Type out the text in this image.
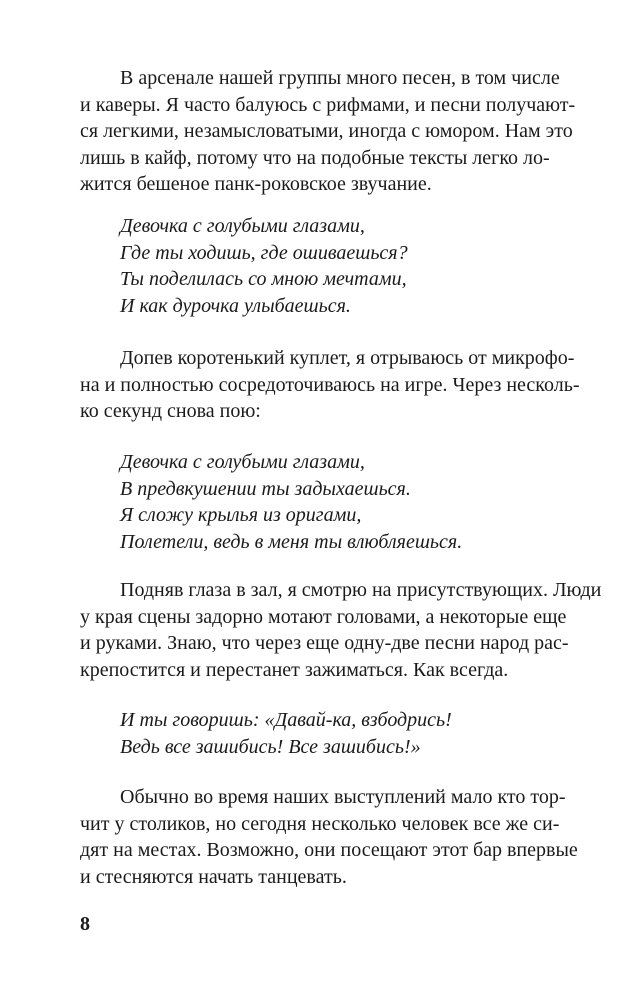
В арсенале нашей группы много песен, в том числе
и каверы. Я часто балуюсь с рифмами, и песни получают-
ся легкими, незамысловатыми, иногда с юмором. Нам это
лишь в кайф, потому что на подобные тексты легко ло-
жится бешеное панк-роковское звучание.
Девочка с голубыми глазами,
Где ты ходишь, где ошиваешься?
Ты поделилась со мною мечтами,
И как дурочка улыбаешься.
Допев коротенький куплет, я отрываюсь от микрофо-
на и полностью сосредоточиваюсь на игре. Через несколь-
ко секунд снова пою:
Девочка с голубыми глазами,
В предвкушении ты задыхаешься.
Я сложу крылья из оригами,
Полетели, ведь в меня ты влюбляешься.
Подняв глаза в зал, я смотрю на присутствующих. Люди
у края сцены задорно мотают головами, а некоторые еще
и руками. Знаю, что через еще одну-две песни народ рас-
крепостится и перестанет зажиматься. Как всегда.
И ты говоришь: «Давай-ка, взбодрись!
Ведь все зашибись! Все зашибись!»
Обычно во время наших выступлений мало кто тор-
чит у столиков, но сегодня несколько человек все же си-
дят на местах. Возможно, они посещают этот бар впервые
и стесняются начать танцевать.
8
